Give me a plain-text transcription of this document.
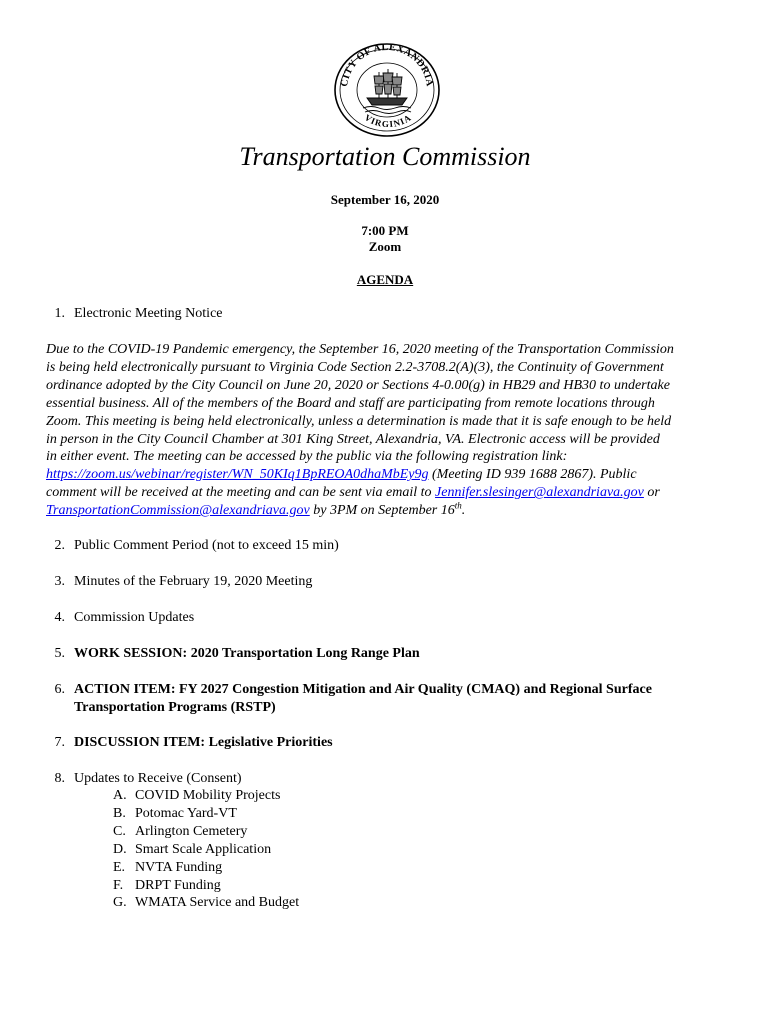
CITY OF ALEXANDRIA
VIRGINIA
Transportation Commission
September 16, 2020
7:00 PM
Zoom
AGENDA
1. Electronic Meeting Notice
Due to the COVID-19 Pandemic emergency, the September 16, 2020 meeting of the Transportation Commission
is being held electronically pursuant to Virginia Code Section 2.2-3708.2(A)(3), the Continuity of Government
ordinance adopted by the City Council on June 20, 2020 or Sections 4-0.00(g) in HB29 and HB30 to undertake
essential business. All of the members of the Board and staff are participating from remote locations through
Zoom. This meeting is being held electronically, unless a determination is made that it is safe enough to be held
in person in the City Council Chamber at 301 King Street, Alexandria, VA. Electronic access will be provided
in either event. The meeting can be accessed by the public via the following registration link:
https://zoom.us/webinar/register/WN_50KIq1BpREOA0dhaMbEy9g (Meeting ID 939 1688 2867). Public
comment will be received at the meeting and can be sent via email to Jennifer.slesinger@alexandriava.gov or
TransportationCommission@alexandriava.gov by 3PM on September 16th.
2. Public Comment Period (not to exceed 15 min)
3. Minutes of the February 19, 2020 Meeting
4. Commission Updates
5. WORK SESSION: 2020 Transportation Long Range Plan
6. ACTION ITEM: FY 2027 Congestion Mitigation and Air Quality (CMAQ) and Regional Surface
Transportation Programs (RSTP)
7. DISCUSSION ITEM: Legislative Priorities
8. Updates to Receive (Consent)
A. COVID Mobility Projects
B. Potomac Yard-VT
C. Arlington Cemetery
D. Smart Scale Application
E. NVTA Funding
F. DRPT Funding
G. WMATA Service and Budget
